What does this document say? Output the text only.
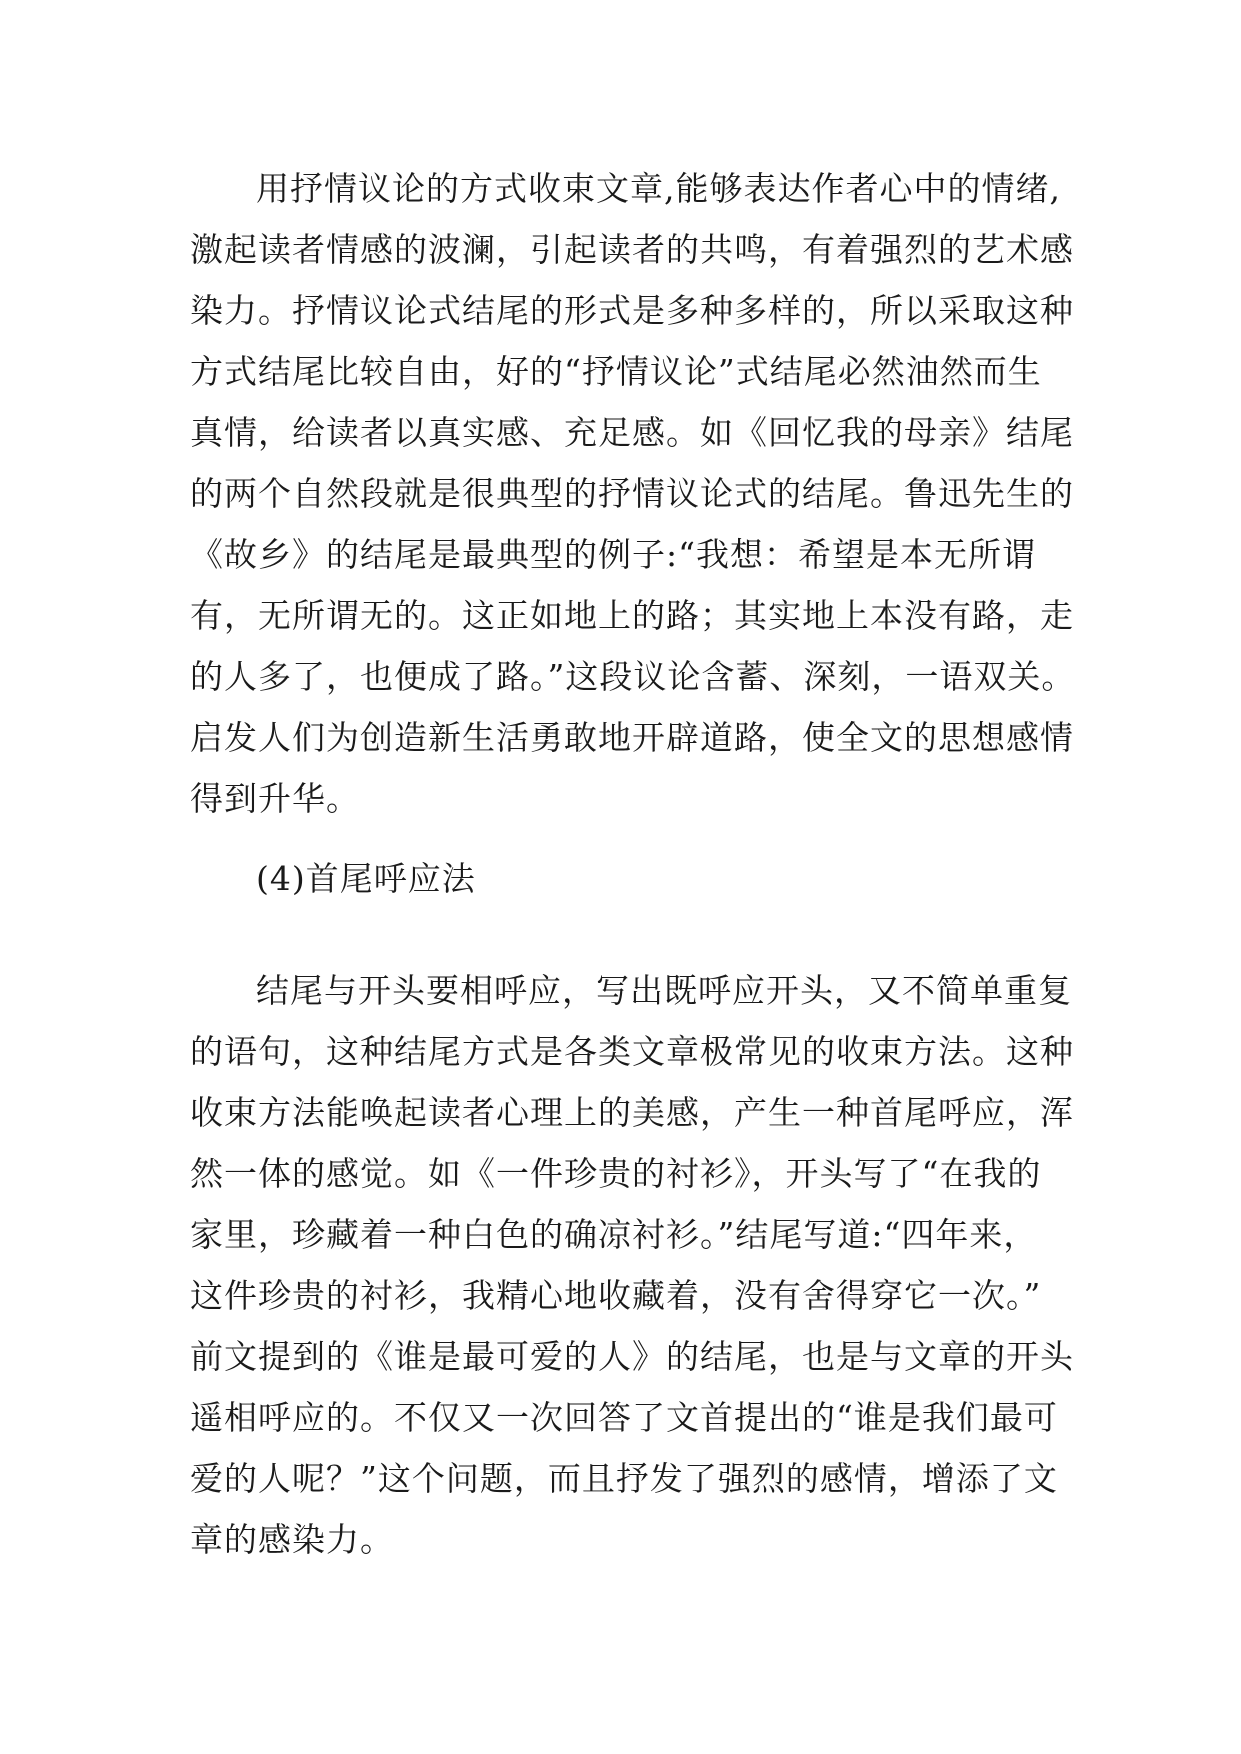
用抒情议论的方式收束文章,能够表达作者心中的情绪,
激起读者情感的波澜，引起读者的共鸣，有着强烈的艺术感
染力。抒情议论式结尾的形式是多种多样的，所以采取这种
方式结尾比较自由，好的“抒情议论”式结尾必然油然而生
真情，给读者以真实感、充足感。如《回忆我的母亲》结尾
的两个自然段就是很典型的抒情议论式的结尾。鲁迅先生的
《故乡》的结尾是最典型的例子:“我想：希望是本无所谓
有，无所谓无的。这正如地上的路；其实地上本没有路，走
的人多了，也便成了路。”这段议论含蓄、深刻，一语双关。
启发人们为创造新生活勇敢地开辟道路，使全文的思想感情
得到升华。
(4)首尾呼应法
结尾与开头要相呼应，写出既呼应开头，又不简单重复
的语句，这种结尾方式是各类文章极常见的收束方法。这种
收束方法能唤起读者心理上的美感，产生一种首尾呼应，浑
然一体的感觉。如《一件珍贵的衬衫》，开头写了“在我的
家里，珍藏着一种白色的确凉衬衫。”结尾写道:“四年来，
这件珍贵的衬衫，我精心地收藏着，没有舍得穿它一次。”
前文提到的《谁是最可爱的人》的结尾，也是与文章的开头
遥相呼应的。不仅又一次回答了文首提出的“谁是我们最可
爱的人呢？”这个问题，而且抒发了强烈的感情，增添了文
章的感染力。
